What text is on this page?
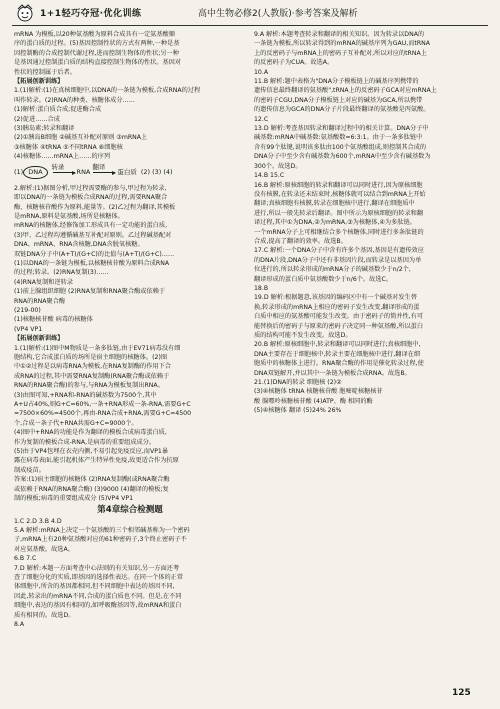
1+1轻巧夺冠·优化训练	高中生物必修2(人教版)·参考答案及解析

mRNA 为模板,以20种氨基酸为原料合成具有一定氨基酸顺

序的蛋白质的过程。(5)基因控制性状的方式有两种,一种是基

因控制酶的合成控制代谢过程,进而控制生物体的性状;另一种

是基因通过控制蛋白质的结构直接控制生物体的性状。基因对

性状的控制属于后者。

【拓展创新训练】

1.(1)解析:(1)在真核细胞中,以DNA的一条链为模板,合成RNA的过程

叫作转录。(2)RNA的种类、核糖体成分……

(1)解析:蛋白质合成;促进酶合成

(2)促进……合成

(3)胰岛素;转录和翻译

(2)①胰岛B细胞 ②碱基互补配对原则 ③mRNA上

③核糖体 ④tRNA ⑤不同tRNA ⑥细胞核

(4)核糖体……mRNA上……的序列

(1) DNA
转录
RNA
翻译
蛋白质 (2) (3) (4)

2.解析:(1)据图分析,甲过程需要酶的参与,甲过程为转录,

即以DNA的一条链为模板合成RNA的过程,需要RNA聚合

酶、核糖核苷酸作为原料,能量等。(2)乙过程为翻译,其模板

是mRNA,原料是氨基酸,场所是核糖体。

mRNA的核糖体,经修饰加工形成具有一定功能的蛋白质,

(3)甲、乙过程均遵循碱基互补配对原则。乙过程碱基配对

DNA、mRNA、RNA含核糖,DNA含脱氧核糖。

双链DNA分子中(A+T)/(G+C)的比值与(A+T)/(G+C)……

(1)以DNA的一条链为模板,以核糖核苷酸为原料合成RNA

的过程;转录。(2)RNA复制(3)……

(4)RNA复制和逆转录

(1)前上腺组织细胞 (2)RNA复制和RNA聚合酶或依赖于

RNA的RNA聚合酶

(219-00)

(1)核糖核苷酸 病毒的核糖体

(VP4 VP1

【拓展创新训练】

1.(1)解析:(1)图中M物质是一条多肽链,由于EV71病毒没有细

胞结构,它合成蛋白质的场所是宿主细胞的核糖体。(2)图

中①②过程是以病毒RNA为模板,在RNA复制酶的作用下合

成RNA的过程,其中需要RNA复制酶(RNA聚合酶或依赖于

RNA的RNA聚合酶)的参与,与RNA为模板复制出RNA。

(3)由图可知,+RNA和-RNA的碱基数为7500个,其中

A+U占40%,则G+C=60%,一条+RNA形成一条-RNA,需要G+C

=7500×60%=4500个,再由-RNA合成+RNA,需要G+C=4500

个,合成一条子代+RNA共需G+C=9000个。

(4)图中+RNA的功能是作为翻译的模板合成病毒蛋白质,

作为复制的模板合成-RNA,是病毒的重要组成成分。

(5)由于VP4包埋在衣壳内侧,不易引起免疫反应,而VP1暴

露在病毒表面,能引起机体产生特异性免疫,故更适合作为抗原

制成疫苗。

答案:(1)宿主细胞的核糖体 (2)RNA复制酶(或RNA聚合酶

或依赖于RNA的RNA聚合酶) (3)9000 (4)翻译的模板;复

制的模板;病毒的重要组成成分 (5)VP4 VP1

第4章综合检测题

1.C 2.D 3.B 4.D

5.A 解析:mRNA上决定一个氨基酸的三个相邻碱基称为一个密码

子,mRNA上有20种氨基酸对应的61种密码子,3个终止密码子不

对应氨基酸。故选A。

6.B 7.C

7.D 解析:本题一方面考查中心法则的有关知识,另一方面还考

查了细胞分化的实质,即基因的选择性表达。在同一个体的正常

体细胞中,所含的基因都相同,但不同细胞中表达的基因不同,

因此,转录出的mRNA不同,合成的蛋白质也不同。但是,在不同

细胞中,表达的基因有相同的,如呼吸酶基因等,故mRNA和蛋白

质有相同的。故选D。

8.A

9.A 解析:本题考查转录和翻译的相关知识。因为转录以DNA的

一条链为模板,所以转录得到的mRNA的碱基序列为GAU,而tRNA

上的反密码子与mRNA上的密码子互补配对,所以对应的tRNA上

的反密码子为CUA。故选A。

10.A

11.B 解析:题中表格为"DNA分子模板链上的碱基序列携带的

遗传信息最终翻译的氨基酸",tRNA上的反密码子GCA对应mRNA上

的密码子CGU,DNA分子模板链上对应的碱基为GCA,所以携带

的遗传信息为GCA的DNA分子片段最终翻译的氨基酸是丙氨酸。

12.C

13.D 解析:考查基因转录和翻译过程中的相关计算。DNA分子中

碱基数:mRNA中碱基数:氨基酸数=6:3:1。由于一条多肽链中

含有99个肽键,说明该多肽由100个氨基酸组成,则控制其合成的

DNA分子中至少含有碱基数为600个,mRNA中至少含有碱基数为

300个。故选D。

14.B 15.C

16.B 解析:原核细胞的转录和翻译可以同时进行,因为原核细胞

没有核膜,在转录还未结束时,核糖体就可以结合到mRNA上开始

翻译;真核细胞有核膜,转录在细胞核中进行,翻译在细胞质中

进行,所以一般先转录后翻译。图中所示为原核细胞的转录和翻

译过程,其中①为DNA,②为mRNA,③为核糖体,④为多肽链。

一个mRNA分子上可相继结合多个核糖体,同时进行多条肽链的

合成,提高了翻译的效率。故选B。

17.C 解析:一个DNA分子中含有许多个基因,基因是有遗传效应

的DNA片段,DNA分子中还有非基因片段,而转录是以基因为单

位进行的,所以转录形成的mRNA分子的碱基数少于n/2个,

翻译形成的蛋白质中氨基酸数少于n/6个。故选C。

18.B

19.D 解析:根据题意,该基因的编码区中有一个碱基对发生替

换,转录形成的mRNA上相应的密码子发生改变,翻译形成的蛋

白质中相应的氨基酸可能发生改变。由于密码子的简并性,有可

能替换后的密码子与原来的密码子决定同一种氨基酸,所以蛋白

质的结构可能不发生改变。故选D。

20.B 解析:原核细胞中,转录和翻译可以同时进行;真核细胞中,

DNA主要存在于细胞核中,转录主要在细胞核中进行,翻译在细

胞质中的核糖体上进行。RNA聚合酶的作用是催化转录过程,使

DNA双链解开,并以其中一条链为模板合成RNA。故选B。

21.(1)DNA的转录 细胞核 (2)②

(3)④核糖体 tRNA 核糖核苷酸 胞嘧啶核糖核苷

酸 腺嘌呤核糖核苷酸 (4)ATP、酶 相同的酶

(5)④核糖体 翻译 (5)24% 26%

125
